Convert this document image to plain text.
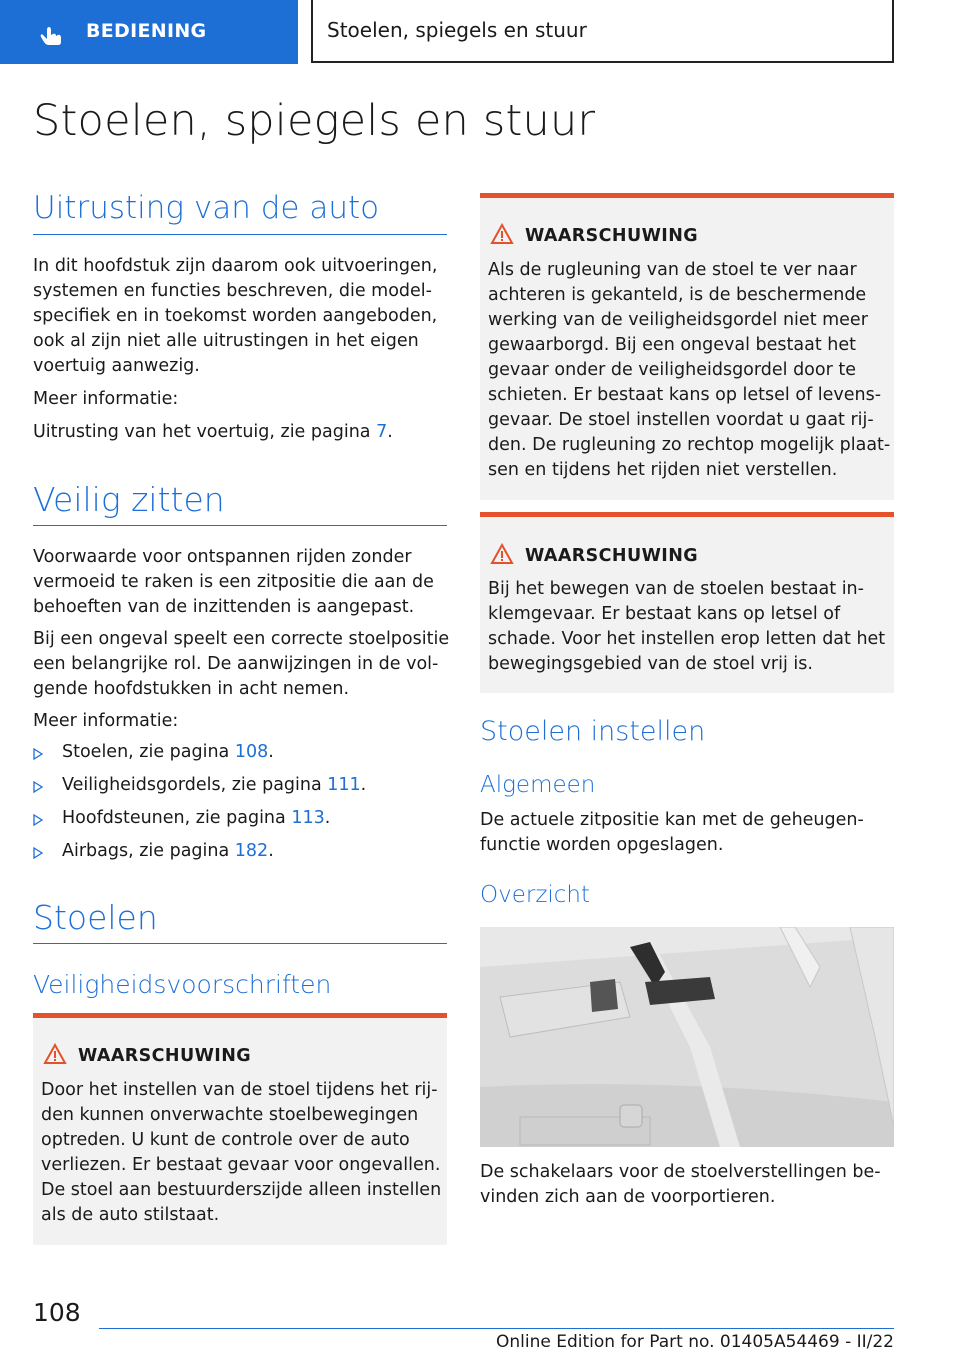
BEDIENING	Stoelen, spiegels en stuur
Stoelen, spiegels en stuur
Uitrusting van de auto
In dit hoofdstuk zijn daarom ook uitvoeringen,
systemen en functies beschreven, die model-
specifiek en in toekomst worden aangeboden,
ook al zijn niet alle uitrustingen in het eigen
voertuig aanwezig.
Meer informatie:
Uitrusting van het voertuig, zie pagina 7.
Veilig zitten
Voorwaarde voor ontspannen rijden zonder
vermoeid te raken is een zitpositie die aan de
behoeften van de inzittenden is aangepast.
Bij een ongeval speelt een correcte stoelpositie
een belangrijke rol. De aanwijzingen in de vol-
gende hoofdstukken in acht nemen.
Meer informatie:
Stoelen, zie pagina 108.
Veiligheidsgordels, zie pagina 111.
Hoofdsteunen, zie pagina 113.
Airbags, zie pagina 182.
Stoelen
Veiligheidsvoorschriften
WAARSCHUWING
Door het instellen van de stoel tijdens het rij-
den kunnen onverwachte stoelbewegingen
optreden. U kunt de controle over de auto
verliezen. Er bestaat gevaar voor ongevallen.
De stoel aan bestuurderszijde alleen instellen
als de auto stilstaat.
WAARSCHUWING
Als de rugleuning van de stoel te ver naar
achteren is gekanteld, is de beschermende
werking van de veiligheidsgordel niet meer
gewaarborgd. Bij een ongeval bestaat het
gevaar onder de veiligheidsgordel door te
schieten. Er bestaat kans op letsel of levens-
gevaar. De stoel instellen voordat u gaat rij-
den. De rugleuning zo rechtop mogelijk plaat-
sen en tijdens het rijden niet verstellen.
WAARSCHUWING
Bij het bewegen van de stoelen bestaat in-
klemgevaar. Er bestaat kans op letsel of
schade. Voor het instellen erop letten dat het
bewegingsgebied van de stoel vrij is.
Stoelen instellen
Algemeen
De actuele zitpositie kan met de geheugen-
functie worden opgeslagen.
Overzicht
De schakelaars voor de stoelverstellingen be-
vinden zich aan de voorportieren.
108
Online Edition for Part no. 01405A54469 - II/22
